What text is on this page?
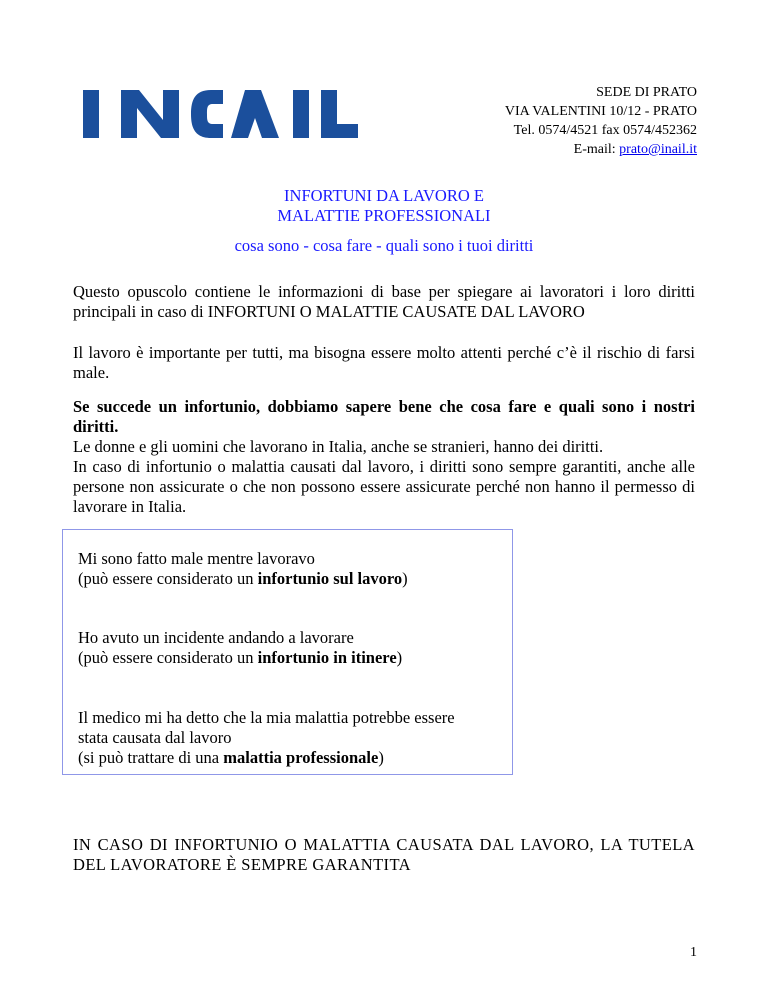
SEDE DI PRATO
VIA VALENTINI 10/12 - PRATO
Tel. 0574/4521 fax 0574/452362
E-mail: prato@inail.it
INFORTUNI DA LAVORO E
MALATTIE PROFESSIONALI
cosa sono - cosa fare - quali sono i tuoi diritti
Questo opuscolo contiene le informazioni di base per spiegare ai lavoratori i loro diritti principali in caso di INFORTUNI O MALATTIE CAUSATE DAL LAVORO
Il lavoro è importante per tutti, ma bisogna essere molto attenti perché c’è il rischio di farsi male.
Se succede un infortunio, dobbiamo sapere bene che cosa fare e quali sono i nostri diritti.
Le donne e gli uomini che lavorano in Italia, anche se stranieri, hanno dei diritti.
In caso di infortunio o malattia causati dal lavoro, i diritti sono sempre garantiti, anche alle persone non assicurate o che non possono essere assicurate perché non hanno il permesso di lavorare in Italia.
Mi sono fatto male mentre lavoravo
(può essere considerato un infortunio sul lavoro)
Ho avuto un incidente andando a lavorare
(può essere considerato un infortunio in itinere)
Il medico mi ha detto che la mia malattia potrebbe essere
stata causata dal lavoro
(si può trattare di una malattia professionale)
IN CASO DI INFORTUNIO O MALATTIA CAUSATA DAL LAVORO, LA TUTELA DEL LAVORATORE È SEMPRE GARANTITA
1
